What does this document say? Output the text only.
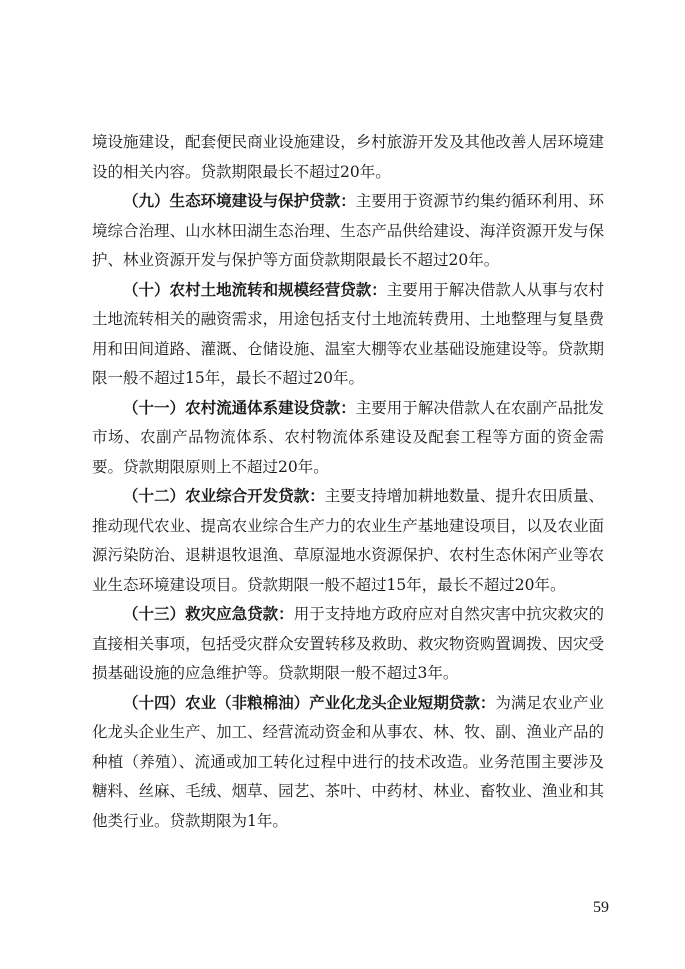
境设施建设，配套便民商业设施建设，乡村旅游开发及其他改善人居环境建设的相关内容。贷款期限最长不超过20年。

（九）生态环境建设与保护贷款：主要用于资源节约集约循环利用、环境综合治理、山水林田湖生态治理、生态产品供给建设、海洋资源开发与保护、林业资源开发与保护等方面贷款期限最长不超过20年。

（十）农村土地流转和规模经营贷款：主要用于解决借款人从事与农村土地流转相关的融资需求，用途包括支付土地流转费用、土地整理与复垦费用和田间道路、灌溉、仓储设施、温室大棚等农业基础设施建设等。贷款期限一般不超过15年，最长不超过20年。

（十一）农村流通体系建设贷款：主要用于解决借款人在农副产品批发市场、农副产品物流体系、农村物流体系建设及配套工程等方面的资金需要。贷款期限原则上不超过20年。

（十二）农业综合开发贷款：主要支持增加耕地数量、提升农田质量、推动现代农业、提高农业综合生产力的农业生产基地建设项目，以及农业面源污染防治、退耕退牧退渔、草原湿地水资源保护、农村生态休闲产业等农业生态环境建设项目。贷款期限一般不超过15年，最长不超过20年。

（十三）救灾应急贷款：用于支持地方政府应对自然灾害中抗灾救灾的直接相关事项，包括受灾群众安置转移及救助、救灾物资购置调拨、因灾受损基础设施的应急维护等。贷款期限一般不超过3年。

（十四）农业（非粮棉油）产业化龙头企业短期贷款：为满足农业产业化龙头企业生产、加工、经营流动资金和从事农、林、牧、副、渔业产品的种植（养殖）、流通或加工转化过程中进行的技术改造。业务范围主要涉及糖料、丝麻、毛绒、烟草、园艺、茶叶、中药材、林业、畜牧业、渔业和其他类行业。贷款期限为1年。

59
